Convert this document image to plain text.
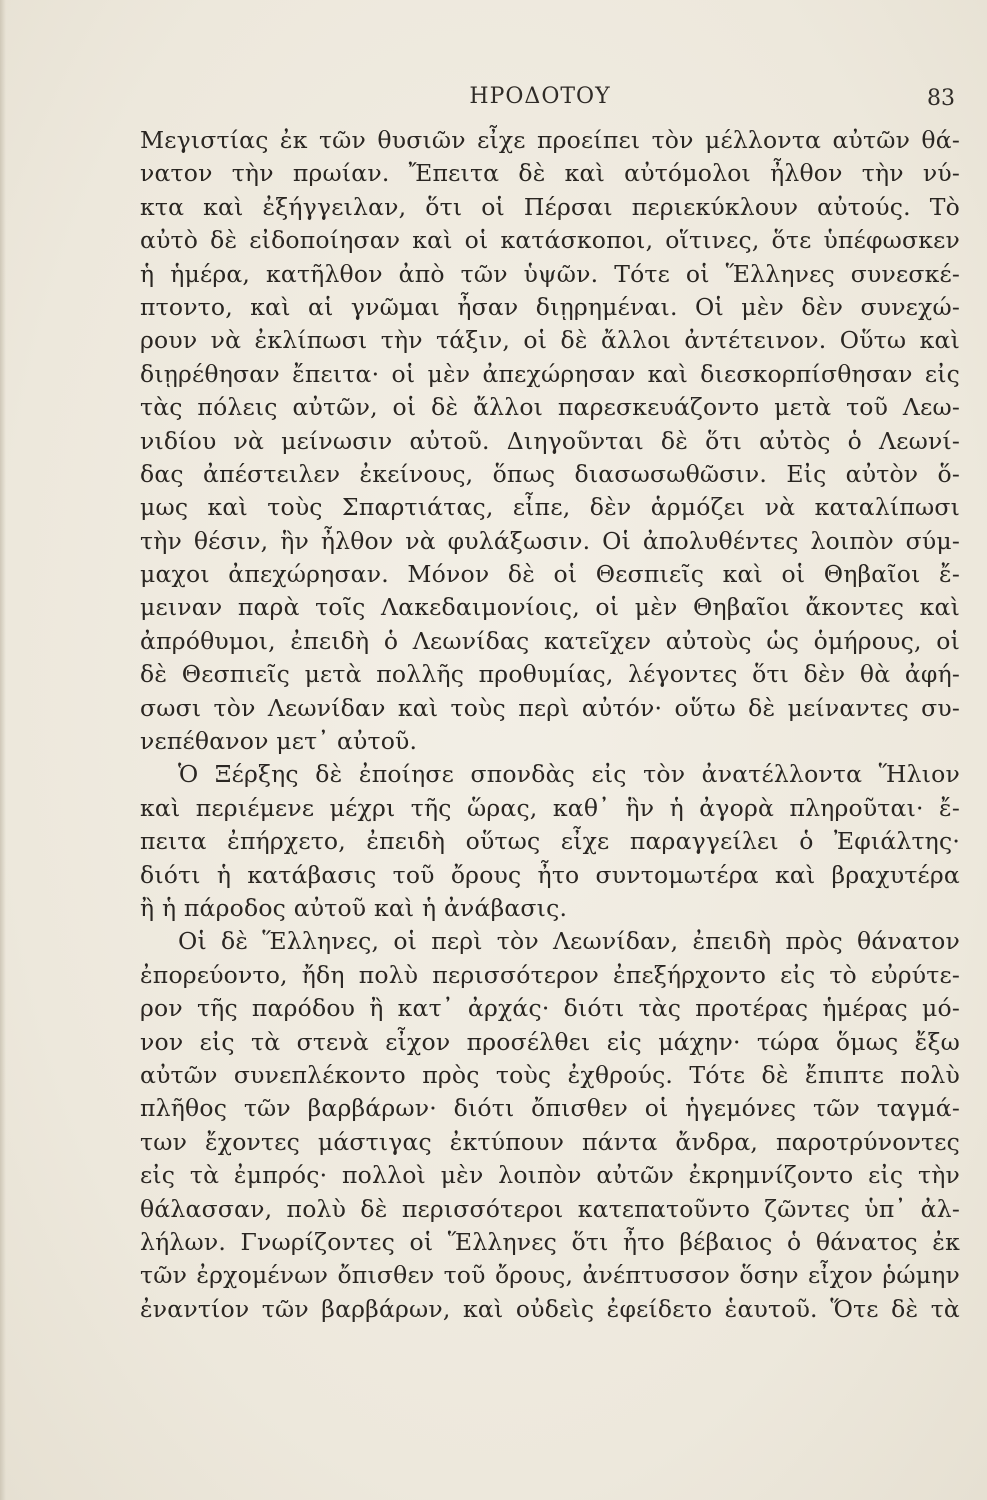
ΗΡΟΔΟΤΟΥ	83
Μεγιστίας ἐκ τῶν θυσιῶν εἶχε προείπει τὸν μέλλοντα αὐτῶν θά-
νατον τὴν πρωίαν. Ἔπειτα δὲ καὶ αὐτόμολοι ἦλθον τὴν νύ-
κτα καὶ ἐξήγγειλαν, ὅτι οἱ Πέρσαι περιεκύκλουν αὐτούς. Τὸ
αὐτὸ δὲ εἰδοποίησαν καὶ οἱ κατάσκοποι, οἵτινες, ὅτε ὑπέφωσκεν
ἡ ἡμέρα, κατῆλθον ἀπὸ τῶν ὑψῶν. Τότε οἱ Ἕλληνες συνεσκέ-
πτοντο, καὶ αἱ γνῶμαι ἦσαν διῃρημέναι. Οἱ μὲν δὲν συνεχώ-
ρουν νὰ ἐκλίπωσι τὴν τάξιν, οἱ δὲ ἄλλοι ἀντέτεινον. Οὕτω καὶ
διῃρέθησαν ἔπειτα· οἱ μὲν ἀπεχώρησαν καὶ διεσκορπίσθησαν εἰς
τὰς πόλεις αὐτῶν, οἱ δὲ ἄλλοι παρεσκευάζοντο μετὰ τοῦ Λεω-
νιδίου νὰ μείνωσιν αὐτοῦ. Διηγοῦνται δὲ ὅτι αὐτὸς ὁ Λεωνί-
δας ἀπέστειλεν ἐκείνους, ὅπως διασωσωθῶσιν. Εἰς αὐτὸν ὅ-
μως καὶ τοὺς Σπαρτιάτας, εἶπε, δὲν ἁρμόζει νὰ καταλίπωσι
τὴν θέσιν, ἣν ἦλθον νὰ φυλάξωσιν. Οἱ ἀπολυθέντες λοιπὸν σύμ-
μαχοι ἀπεχώρησαν. Μόνον δὲ οἱ Θεσπιεῖς καὶ οἱ Θηβαῖοι ἔ-
μειναν παρὰ τοῖς Λακεδαιμονίοις, οἱ μὲν Θηβαῖοι ἄκοντες καὶ
ἀπρόθυμοι, ἐπειδὴ ὁ Λεωνίδας κατεῖχεν αὐτοὺς ὡς ὁμήρους, οἱ
δὲ Θεσπιεῖς μετὰ πολλῆς προθυμίας, λέγοντες ὅτι δὲν θὰ ἀφή-
σωσι τὸν Λεωνίδαν καὶ τοὺς περὶ αὐτόν· οὕτω δὲ μείναντες συ-
νεπέθανον μετ᾽ αὐτοῦ.
Ὁ Ξέρξης δὲ ἐποίησε σπονδὰς εἰς τὸν ἀνατέλλοντα Ἥλιον
καὶ περιέμενε μέχρι τῆς ὥρας, καθ᾽ ἣν ἡ ἀγορὰ πληροῦται· ἔ-
πειτα ἐπήρχετο, ἐπειδὴ οὕτως εἶχε παραγγείλει ὁ Ἐφιάλτης·
διότι ἡ κατάβασις τοῦ ὄρους ἦτο συντομωτέρα καὶ βραχυτέρα
ἢ ἡ πάροδος αὐτοῦ καὶ ἡ ἀνάβασις.
Οἱ δὲ Ἕλληνες, οἱ περὶ τὸν Λεωνίδαν, ἐπειδὴ πρὸς θάνατον
ἐπορεύοντο, ἤδη πολὺ περισσότερον ἐπεξήρχοντο εἰς τὸ εὐρύτε-
ρον τῆς παρόδου ἢ κατ᾽ ἀρχάς· διότι τὰς προτέρας ἡμέρας μό-
νον εἰς τὰ στενὰ εἶχον προσέλθει εἰς μάχην· τώρα ὅμως ἔξω
αὐτῶν συνεπλέκοντο πρὸς τοὺς ἐχθρούς. Τότε δὲ ἔπιπτε πολὺ
πλῆθος τῶν βαρβάρων· διότι ὄπισθεν οἱ ἡγεμόνες τῶν ταγμά-
των ἔχοντες μάστιγας ἐκτύπουν πάντα ἄνδρα, παροτρύνοντες
εἰς τὰ ἐμπρός· πολλοὶ μὲν λοιπὸν αὐτῶν ἐκρημνίζοντο εἰς τὴν
θάλασσαν, πολὺ δὲ περισσότεροι κατεπατοῦντο ζῶντες ὑπ᾽ ἀλ-
λήλων. Γνωρίζοντες οἱ Ἕλληνες ὅτι ἦτο βέβαιος ὁ θάνατος ἐκ
τῶν ἐρχομένων ὄπισθεν τοῦ ὄρους, ἀνέπτυσσον ὅσην εἶχον ῥώμην
ἐναντίον τῶν βαρβάρων, καὶ οὐδεὶς ἐφείδετο ἑαυτοῦ. Ὅτε δὲ τὰ
